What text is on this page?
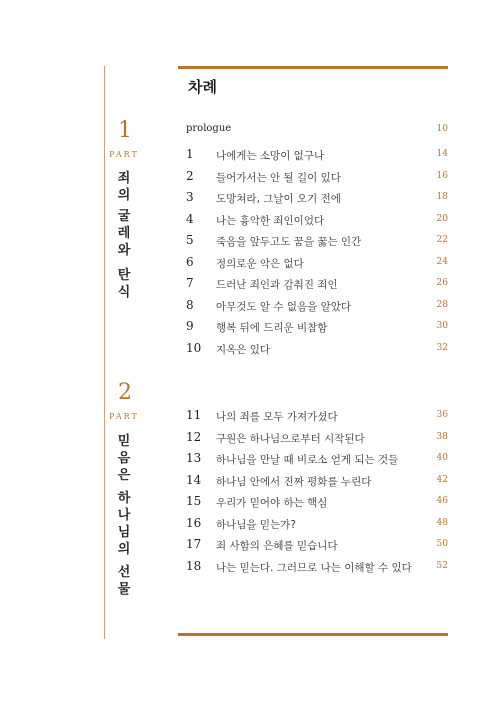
차례
1
PART
죄
의
굴
레
와
탄
식
2
PART
믿
음
은
하
나
님
의
선
물
prologue	10
1 나에게는 소망이 없구나	14
2 들어가서는 안 될 길이 있다	16
3 도망쳐라, 그날이 오기 전에	18
4 나는 흉악한 죄인이었다	20
5 죽음을 앞두고도 꿈을 꿇는 인간	22
6 정의로운 악은 없다	24
7 드러난 죄인과 감춰진 죄인	26
8 아무것도 알 수 없음을 알았다	28
9 행복 뒤에 드리운 비참함	30
10 지옥은 있다	32
11 나의 죄를 모두 가져가셨다	36
12 구원은 하나님으로부터 시작된다	38
13 하나님을 만날 때 비로소 얻게 되는 것들	40
14 하나님 안에서 진짜 평화를 누린다	42
15 우리가 믿어야 하는 핵심	46
16 하나님을 믿는가?	48
17 죄 사함의 은혜를 믿습니다	50
18 나는 믿는다. 그러므로 나는 이해할 수 있다	52
